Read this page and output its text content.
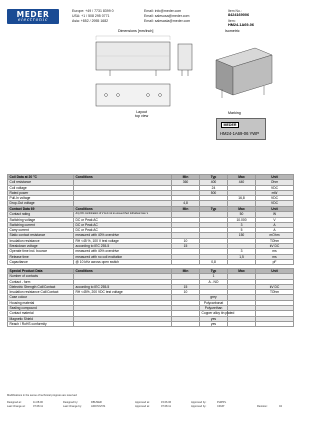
MEDER
electronic
Europe: +49 / 7731 8399 0
USA: +1 / 508 295 0771
Asia: +852 / 2955 1682
Email: info@meder.com
Email: salesusa@meder.com
Email: salesasia@meder.com
Item No.:
8424169006
Item:
HM24-1A69-06
Dimensions [mm/inch]	Isometric
Layout
top view
Marking
MEDER
HM24-1A69-06 YWP
Coil Data at 20 °C	Conditions	Min	Typ	Max	Unit
Coil resistance		360	400	440	Ohm
Coil voltage			24		VDC
Rated power			500		mW
Pull-In voltage				16,8	VDC
Drop-Out voltage		4,8			VDC
Contact Data 69	Conditions	Min	Typ	Max	Unit
Contact rating	Any DC combination of V & A not to exceed their individual max.'s			50	W
Switching voltage	DC or Peak AC			10.000	V
Switching current	DC or Peak AC			3	A
Carry current	DC or Peak AC			5	A
Static contact resistance	measured with 40% overdrive			150	mOhm
Insulation resistance	RH <45 %, 100 V test voltage	10			TOhm
Breakdown voltage	according to IEC 255-5	15			kV DC
Operate time incl. bounce	measured with 40% overdrive			3	ms
Release time	measured with no coil excitation			1,5	ms
Capacitance	@ 10 kHz across open switch		0,8		pF
Special Product Data	Conditions	Min	Typ	Max	Unit
Number of contacts			1		
Contact - form			A - NO		
Dielectric Strength Coil/Contact	according to IEC 255-5	15			kV DC
Insulation resistance Coil/Contact	RH <45%, 200 VDC test voltage	10			TOhm
Case colour			grey		
Housing material			Polycarbonat		
Sealing compound			Polyurethan		
Contact material			Copper alloy tin plated		
Magnetic Shield			yes		
Reach / RoHS conformity			yes		
Modifications in the sense of technical progress are reserved
Designed at:	11.08.00	Designed by:	DBUSER	Approved at:	15.06.06	Approved by:	PHIPPL
Last Change at:	07.08.11	Last Change by:	ADIOVIVOS	Approved at:	07.08.11	Approved by:	CRUP	Revision:	04
